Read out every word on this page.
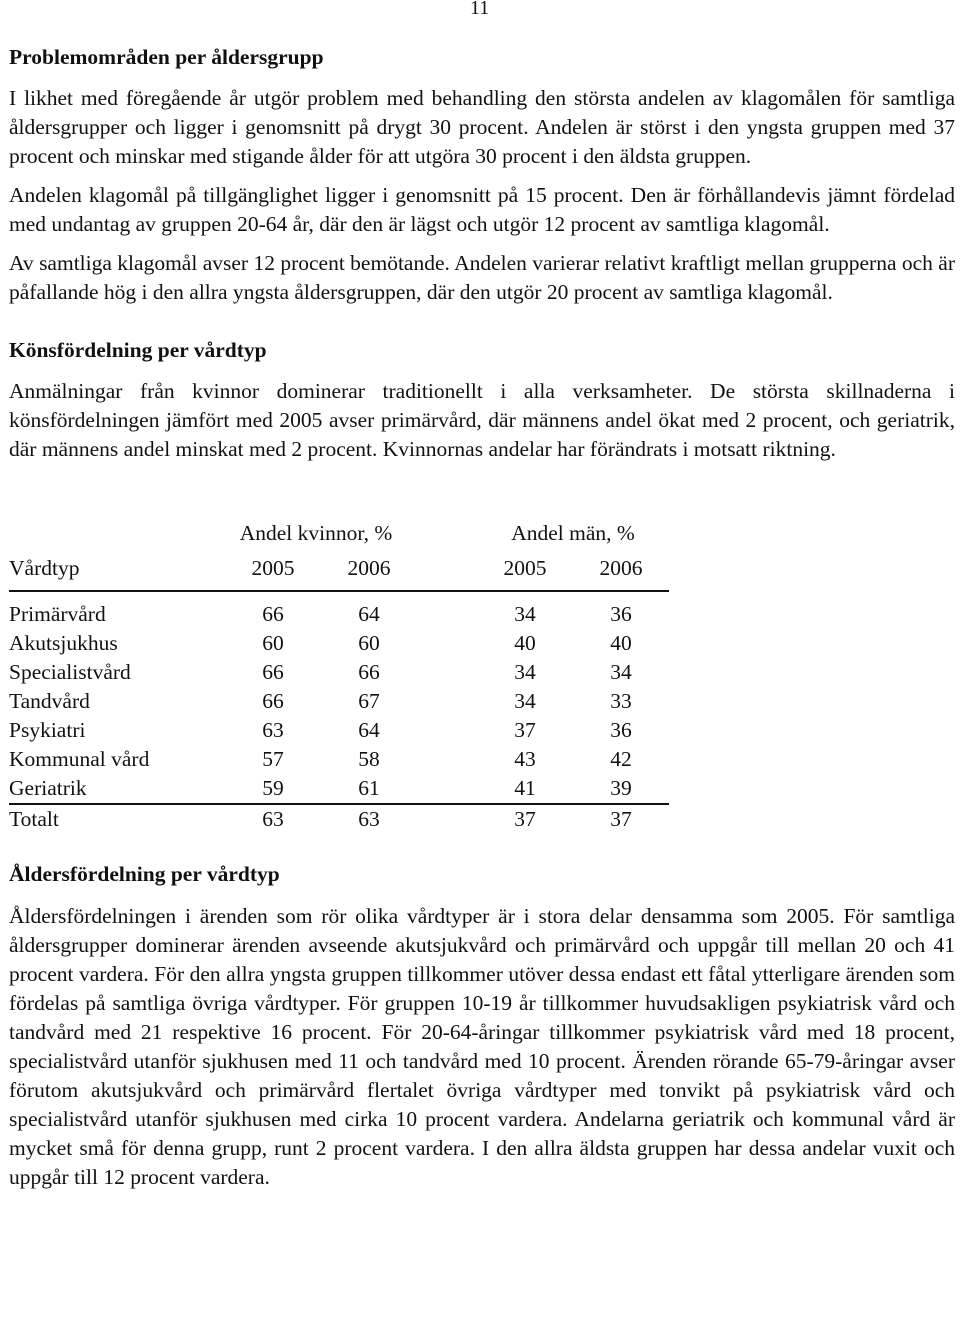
11
Problemområden per åldersgrupp

I likhet med föregående år utgör problem med behandling den största andelen av klagomålen för samtliga åldersgrupper och ligger i genomsnitt på drygt 30 procent. Andelen är störst i den yngsta gruppen med 37 procent och minskar med stigande ålder för att utgöra 30 procent i den äldsta gruppen.

Andelen klagomål på tillgänglighet ligger i genomsnitt på 15 procent. Den är förhållandevis jämnt fördelad med undantag av gruppen 20-64 år, där den är lägst och utgör 12 procent av samtliga klagomål.

Av samtliga klagomål avser 12 procent bemötande. Andelen varierar relativt kraftligt mellan grupperna och är påfallande hög i den allra yngsta åldersgruppen, där den utgör 20 procent av samtliga klagomål.

Könsfördelning per vårdtyp

Anmälningar från kvinnor dominerar traditionellt i alla verksamheter. De största skillnaderna i könsfördelningen jämfört med 2005 avser primärvård, där männens andel ökat med 2 procent, och geriatrik, där männens andel minskat med 2 procent. Kvinnornas andelar har förändrats i motsatt riktning.

	Andel kvinnor, %			Andel män, %	
Vårdtyp	2005	2006		2005	2006

Primärvård	66	64		34	36
Akutsjukhus	60	60		40	40
Specialistvård	66	66		34	34
Tandvård	66	67		34	33
Psykiatri	63	64		37	36
Kommunal vård	57	58		43	42
Geriatrik	59	61		41	39

Totalt	63	63		37	37
Åldersfördelning per vårdtyp

Åldersfördelningen i ärenden som rör olika vårdtyper är i stora delar densamma som 2005. För samtliga åldersgrupper dominerar ärenden avseende akutsjukvård och primärvård och uppgår till mellan 20 och 41 procent vardera. För den allra yngsta gruppen tillkommer utöver dessa endast ett fåtal ytterligare ärenden som fördelas på samtliga övriga vårdtyper. För gruppen 10-19 år tillkommer huvudsakligen psykiatrisk vård och tandvård med 21 respektive 16 procent. För 20-64-åringar tillkommer psykiatrisk vård med 18 procent, specialistvård utanför sjukhusen med 11 och tandvård med 10 procent. Ärenden rörande 65-79-åringar avser förutom akutsjukvård och primärvård flertalet övriga vårdtyper med tonvikt på psykiatrisk vård och specialistvård utanför sjukhusen med cirka 10 procent vardera. Andelarna geriatrik och kommunal vård är mycket små för denna grupp, runt 2 procent vardera. I den allra äldsta gruppen har dessa andelar vuxit och uppgår till 12 procent vardera.
